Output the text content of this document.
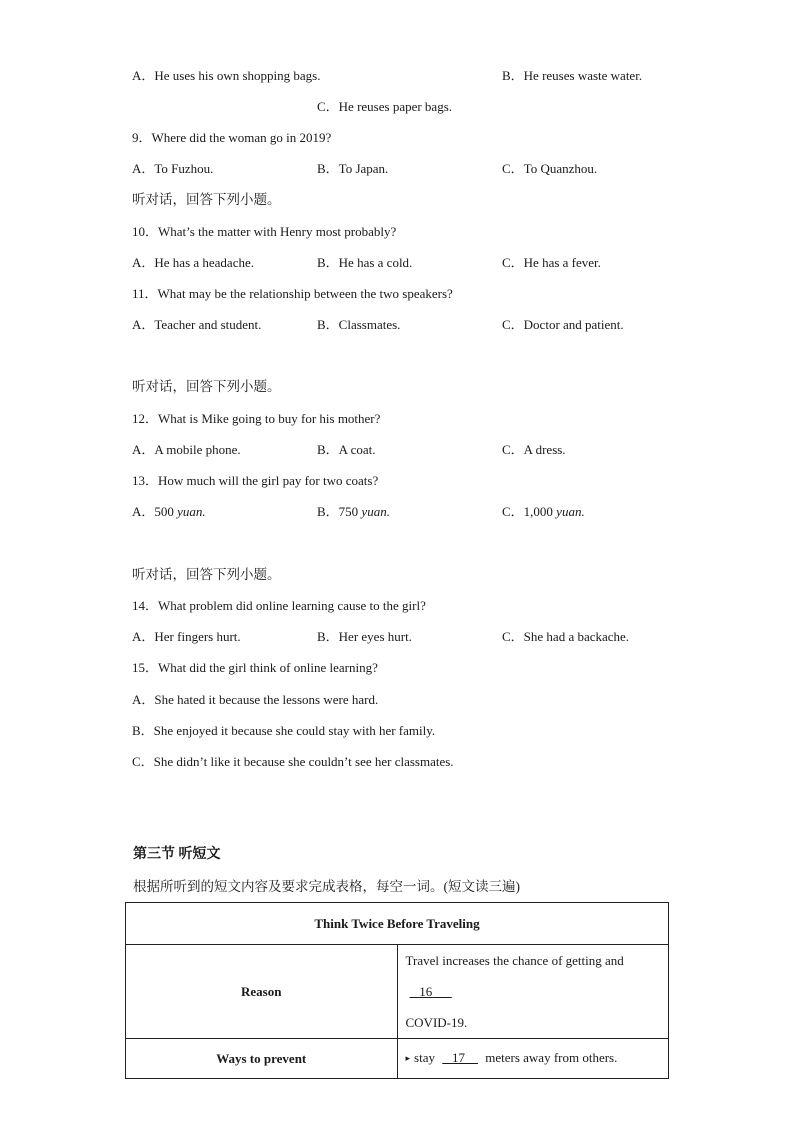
A．He uses his own shopping bags.	B．He reuses waste water.
C．He reuses paper bags.
9．Where did the woman go in 2019?
A．To Fuzhou.	B．To Japan.	C．To Quanzhou.
听对话，回答下列小题。
10．What’s the matter with Henry most probably?
A．He has a headache.	B．He has a cold.	C．He has a fever.
11．What may be the relationship between the two speakers?
A．Teacher and student.	B．Classmates.	C．Doctor and patient.
听对话，回答下列小题。
12．What is Mike going to buy for his mother?
A．A mobile phone.	B．A coat.	C．A dress.
13．How much will the girl pay for two coats?
A．500 yuan.	B．750 yuan.	C．1,000 yuan.
听对话，回答下列小题。
14．What problem did online learning cause to the girl?
A．Her fingers hurt.	B．Her eyes hurt.	C．She had a backache.
15．What did the girl think of online learning?
A．She hated it because the lessons were hard.
B．She enjoyed it because she could stay with her family.
C．She didn’t like it because she couldn’t see her classmates.
第三节 听短文
根据所听到的短文内容及要求完成表格，每空一词。(短文读三遍)
Think Twice Before Traveling	
Reason	Travel increases the chance of getting and    16
COVID-19.

Ways to prevent	▸ stay    17     meters away from others.
